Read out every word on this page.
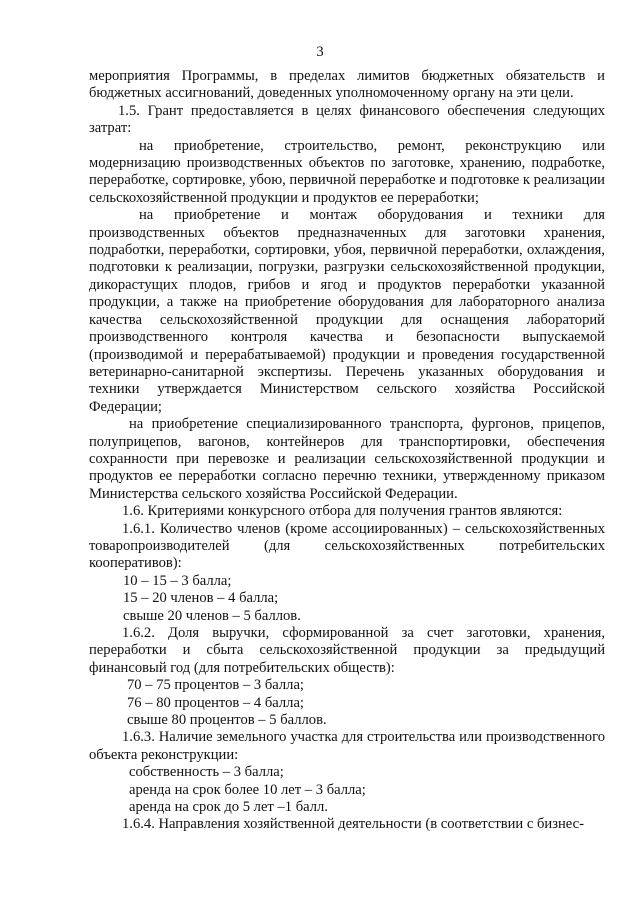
3

мероприятия Программы, в пределах лимитов бюджетных обязательств и бюджетных ассигнований, доведенных уполномоченному органу на эти цели.

1.5. Грант предоставляется в целях финансового обеспечения следующих затрат:

на приобретение, строительство, ремонт, реконструкцию или модернизацию производственных объектов по заготовке, хранению, подработке, переработке, сортировке, убою, первичной переработке и подготовке к реализации сельскохозяйственной продукции и продуктов ее переработки;

на приобретение и монтаж оборудования и техники для производственных объектов предназначенных для заготовки хранения, подработки, переработки, сортировки, убоя, первичной переработки, охлаждения, подготовки к реализации, погрузки, разгрузки сельскохозяйственной продукции, дикорастущих плодов, грибов и ягод и продуктов переработки указанной продукции, а также на приобретение оборудования для лабораторного анализа качества сельскохозяйственной продукции для оснащения лабораторий производственного контроля качества и безопасности выпускаемой (производимой и перерабатываемой) продукции и проведения государственной ветеринарно-санитарной экспертизы. Перечень указанных оборудования и техники утверждается Министерством сельского хозяйства Российской Федерации;

на приобретение специализированного транспорта, фургонов, прицепов, полуприцепов, вагонов, контейнеров для транспортировки, обеспечения сохранности при перевозке и реализации сельскохозяйственной продукции и продуктов ее переработки согласно перечню техники, утвержденному приказом Министерства сельского хозяйства Российской Федерации.

1.6. Критериями конкурсного отбора для получения грантов являются:

1.6.1. Количество членов (кроме ассоциированных) – сельскохозяйственных товаропроизводителей (для сельскохозяйственных потребительских кооперативов):

10 – 15 – 3 балла;

15 – 20 членов – 4 балла;

свыше 20 членов – 5 баллов.

1.6.2. Доля выручки, сформированной за счет заготовки, хранения, переработки и сбыта сельскохозяйственной продукции за предыдущий финансовый год (для потребительских обществ):

70 – 75 процентов – 3 балла;

76 – 80 процентов – 4 балла;

свыше 80 процентов – 5 баллов.

1.6.3. Наличие земельного участка для строительства или производственного объекта реконструкции:

собственность – 3 балла;

аренда на срок более 10 лет – 3 балла;

аренда на срок до 5 лет –1 балл.

1.6.4. Направления хозяйственной деятельности (в соответствии с бизнес-
